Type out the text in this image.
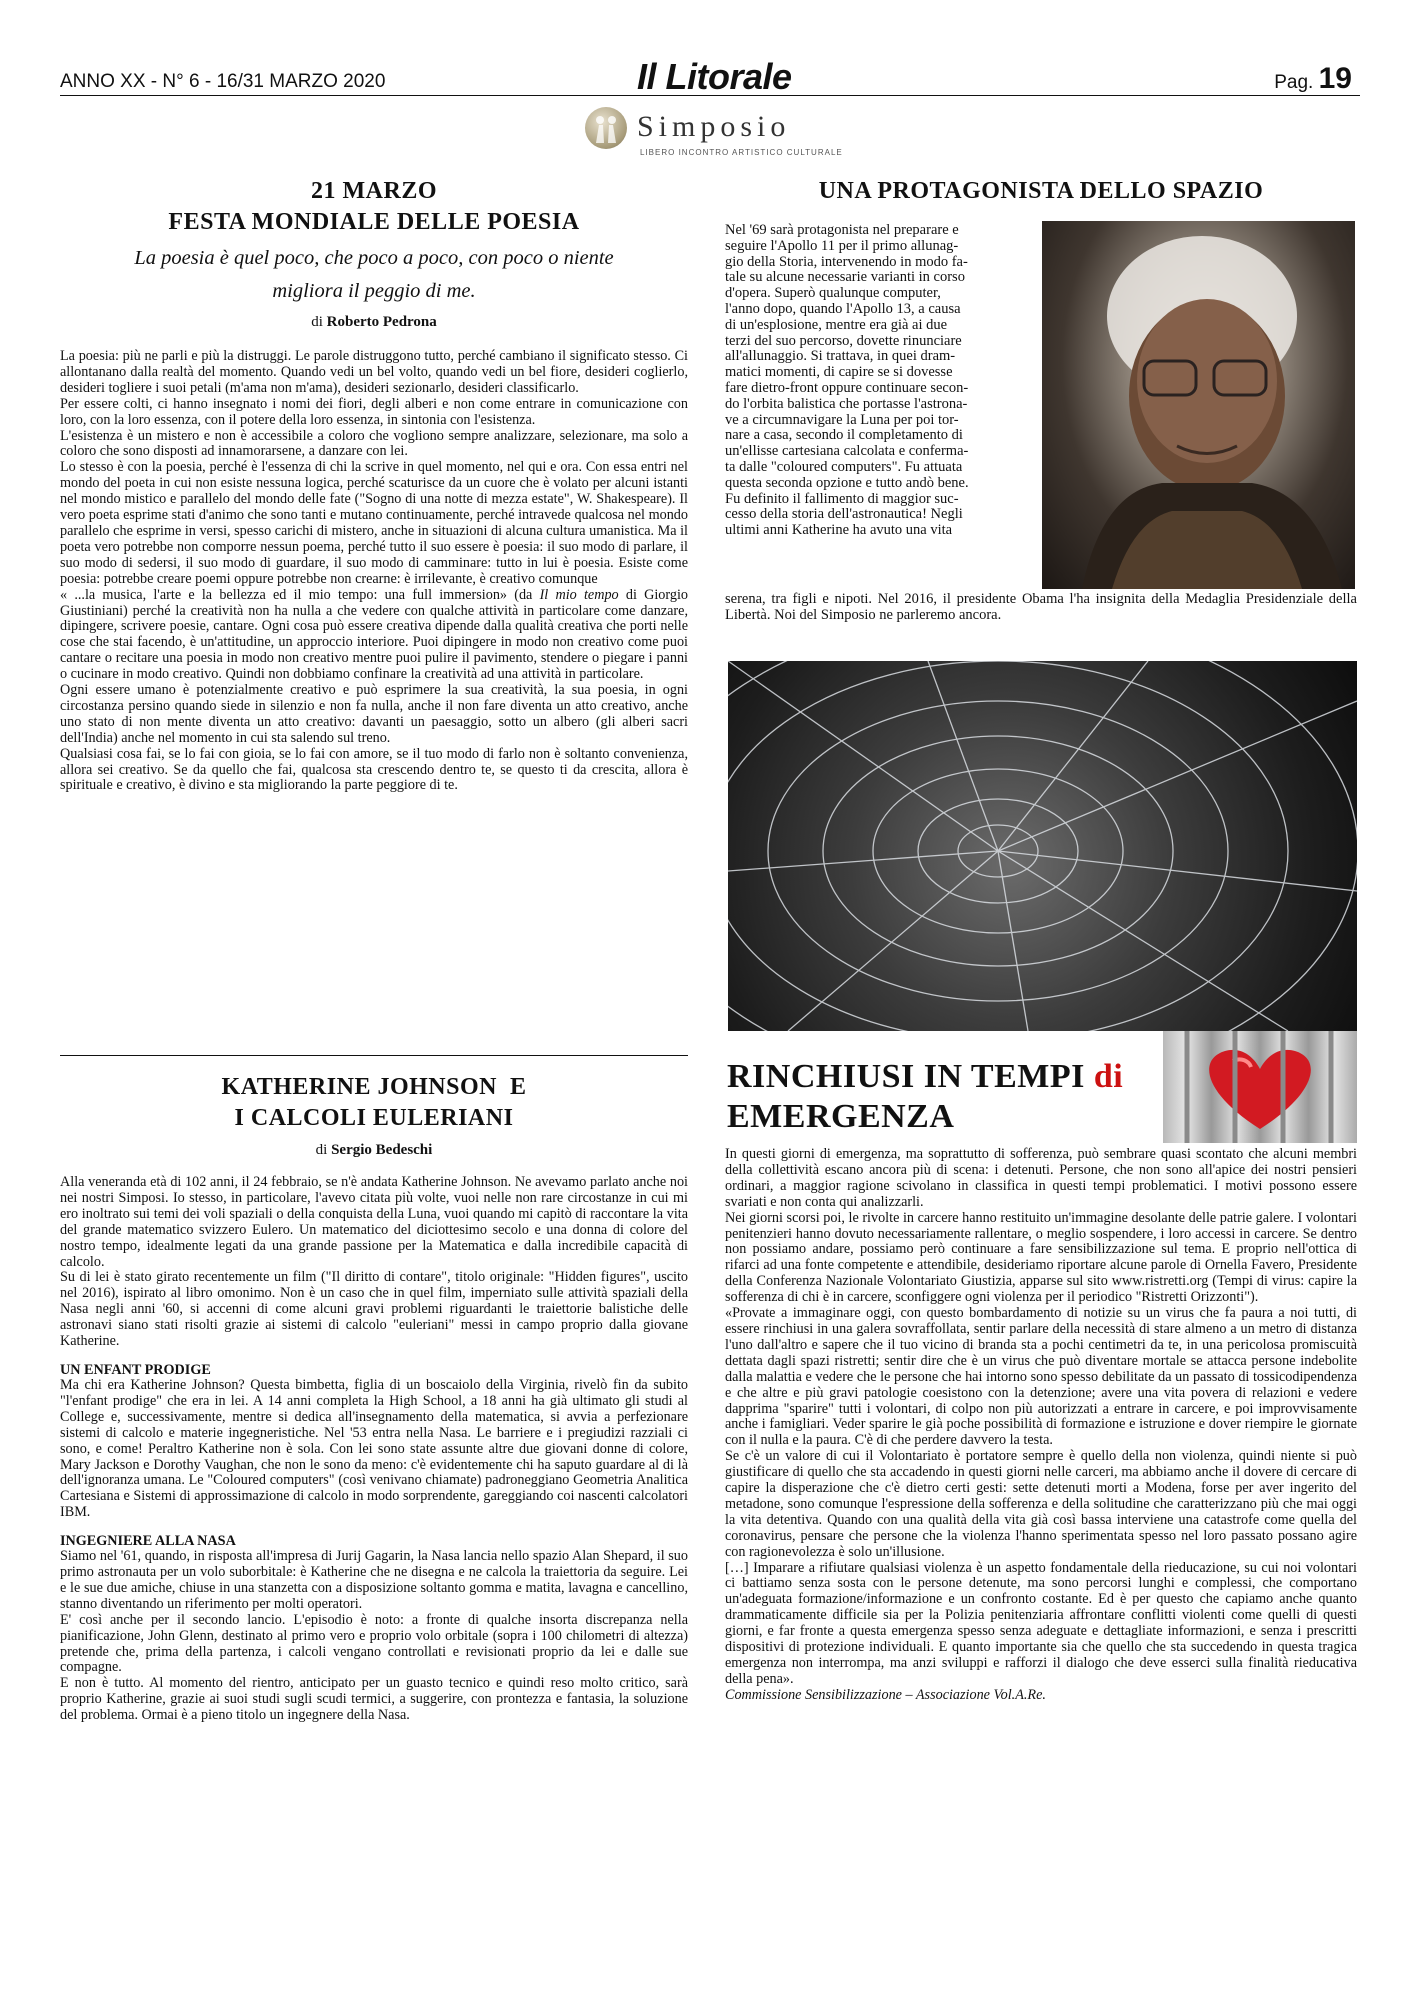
ANNO XX - N° 6 - 16/31 MARZO 2020	Il Litorale	Pag. 19
Simposio
LIBERO INCONTRO ARTISTICO CULTURALE
21 MARZO
FESTA MONDIALE DELLE POESIA
La poesia è quel poco, che poco a poco, con poco o niente
migliora il peggio di me.
di Roberto Pedrona

La poesia: più ne parli e più la distruggi. Le parole distruggono tutto, perché cambiano il significato stesso. Ci allontanano dalla realtà del momento. Quando vedi un bel volto, quando vedi un bel fiore, desideri coglierlo, desideri togliere i suoi petali (m'ama non m'ama), desideri sezionarlo, desideri classificarlo.

Per essere colti, ci hanno insegnato i nomi dei fiori, degli alberi e non come entrare in comunicazione con loro, con la loro essenza, con il potere della loro essenza, in sintonia con l'esistenza.

L'esistenza è un mistero e non è accessibile a coloro che vogliono sempre analizzare, selezionare, ma solo a coloro che sono disposti ad innamorarsene, a danzare con lei.

Lo stesso è con la poesia, perché è l'essenza di chi la scrive in quel momento, nel qui e ora. Con essa entri nel mondo del poeta in cui non esiste nessuna logica, perché scaturisce da un cuore che è volato per alcuni istanti nel mondo mistico e parallelo del mondo delle fate ("Sogno di una notte di mezza estate", W. Shakespeare). Il vero poeta esprime stati d'animo che sono tanti e mutano continuamente, perché intravede qualcosa nel mondo parallelo che esprime in versi, spesso carichi di mistero, anche in situazioni di alcuna cultura umanistica. Ma il poeta vero potrebbe non comporre nessun poema, perché tutto il suo essere è poesia: il suo modo di parlare, il suo modo di sedersi, il suo modo di guardare, il suo modo di camminare: tutto in lui è poesia. Esiste come poesia: potrebbe creare poemi oppure potrebbe non crearne: è irrilevante, è creativo comunque

« ...la musica, l'arte e la bellezza ed il mio tempo: una full immersion» (da Il mio tempo di Giorgio Giustiniani) perché la creatività non ha nulla a che vedere con qualche attività in particolare come danzare, dipingere, scrivere poesie, cantare. Ogni cosa può essere creativa dipende dalla qualità creativa che porti nelle cose che stai facendo, è un'attitudine, un approccio interiore. Puoi dipingere in modo non creativo come puoi cantare o recitare una poesia in modo non creativo mentre puoi pulire il pavimento, stendere o piegare i panni o cucinare in modo creativo. Quindi non dobbiamo confinare la creatività ad una attività in particolare.

Ogni essere umano è potenzialmente creativo e può esprimere la sua creatività, la sua poesia, in ogni circostanza persino quando siede in silenzio e non fa nulla, anche il non fare diventa un atto creativo, anche uno stato di non mente diventa un atto creativo: davanti un paesaggio, sotto un albero (gli alberi sacri dell'India) anche nel momento in cui sta salendo sul treno.

Qualsiasi cosa fai, se lo fai con gioia, se lo fai con amore, se il tuo modo di farlo non è soltanto convenienza, allora sei creativo. Se da quello che fai, qualcosa sta crescendo dentro te, se questo ti da crescita, allora è spirituale e creativo, è divino e sta migliorando la parte peggiore di te.

KATHERINE JOHNSON  E
I CALCOLI EULERIANI
di Sergio Bedeschi

Alla veneranda età di 102 anni, il 24 febbraio, se n'è andata Katherine Johnson. Ne avevamo parlato anche noi nei nostri Simposi. Io stesso, in particolare, l'avevo citata più volte, vuoi nelle non rare circostanze in cui mi ero inoltrato sui temi dei voli spaziali o della conquista della Luna, vuoi quando mi capitò di raccontare la vita del grande matematico svizzero Eulero. Un matematico del diciottesimo secolo e una donna di colore del nostro tempo, idealmente legati da una grande passione per la Matematica e dalla incredibile capacità di calcolo.

Su di lei è stato girato recentemente un film ("Il diritto di contare", titolo originale: "Hidden figures", uscito nel 2016), ispirato al libro omonimo. Non è un caso che in quel film, imperniato sulle attività spaziali della Nasa negli anni '60, si accenni di come alcuni gravi problemi riguardanti le traiettorie balistiche delle astronavi siano stati risolti grazie ai sistemi di calcolo "euleriani" messi in campo proprio dalla giovane Katherine.

UN ENFANT PRODIGE

Ma chi era Katherine Johnson? Questa bimbetta, figlia di un boscaiolo della Virginia, rivelò fin da subito "l'enfant prodige" che era in lei. A 14 anni completa la High School, a 18 anni ha già ultimato gli studi al College e, successivamente, mentre si dedica all'insegnamento della matematica, si avvia a perfezionare sistemi di calcolo e materie ingegneristiche. Nel '53 entra nella Nasa. Le barriere e i pregiudizi razziali ci sono, e come! Peraltro Katherine non è sola. Con lei sono state assunte altre due giovani donne di colore, Mary Jackson e Dorothy Vaughan, che non le sono da meno: c'è evidentemente chi ha saputo guardare al di là dell'ignoranza umana. Le "Coloured computers" (così venivano chiamate) padroneggiano Geometria Analitica Cartesiana e Sistemi di approssimazione di calcolo in modo sorprendente, gareggiando coi nascenti calcolatori IBM.

INGEGNIERE ALLA NASA

Siamo nel '61, quando, in risposta all'impresa di Jurij Gagarin, la Nasa lancia nello spazio Alan Shepard, il suo primo astronauta per un volo suborbitale: è Katherine che ne disegna e ne calcola la traiettoria da seguire. Lei e le sue due amiche, chiuse in una stanzetta con a disposizione soltanto gomma e matita, lavagna e cancellino, stanno diventando un riferimento per molti operatori.

E' così anche per il secondo lancio. L'episodio è noto: a fronte di qualche insorta discrepanza nella pianificazione, John Glenn, destinato al primo vero e proprio volo orbitale (sopra i 100 chilometri di altezza) pretende che, prima della partenza, i calcoli vengano controllati e revisionati proprio da lei e dalle sue compagne.

E non è tutto. Al momento del rientro, anticipato per un guasto tecnico e quindi reso molto critico, sarà proprio Katherine, grazie ai suoi studi sugli scudi termici, a suggerire, con prontezza e fantasia, la soluzione del problema. Ormai è a pieno titolo un ingegnere della Nasa.

UNA PROTAGONISTA DELLO SPAZIO
Nel '69 sarà protagonista nel preparare e
seguire l'Apollo 11 per il primo allunag-
gio della Storia, intervenendo in modo fa-
tale su alcune necessarie varianti in corso
d'opera. Superò qualunque computer,
l'anno dopo, quando l'Apollo 13, a causa
di un'esplosione, mentre era già ai due
terzi del suo percorso, dovette rinunciare
all'allunaggio. Si trattava, in quei dram-
matici momenti, di capire se si dovesse
fare dietro-front oppure continuare secon-
do l'orbita balistica che portasse l'astrona-
ve a circumnavigare la Luna per poi tor-
nare a casa, secondo il completamento di
un'ellisse cartesiana calcolata e conferma-
ta dalle "coloured computers". Fu attuata
questa seconda opzione e tutto andò bene.
Fu definito il fallimento di maggior suc-
cesso della storia dell'astronautica! Negli
ultimi anni Katherine ha avuto una vita
serena, tra figli e nipoti. Nel 2016, il presidente Obama l'ha insignita della Medaglia Presidenziale della Libertà. Noi del Simposio ne parleremo ancora.
RINCHIUSI IN TEMPI di
EMERGENZA

In questi giorni di emergenza, ma soprattutto di sofferenza, può sembrare quasi scontato che alcuni membri della collettività escano ancora più di scena: i detenuti. Persone, che non sono all'apice dei nostri pensieri ordinari, a maggior ragione scivolano in classifica in questi tempi problematici. I motivi possono essere svariati e non conta qui analizzarli.

Nei giorni scorsi poi, le rivolte in carcere hanno restituito un'immagine desolante delle patrie galere. I volontari penitenzieri hanno dovuto necessariamente rallentare, o meglio sospendere, i loro accessi in carcere. Se dentro non possiamo andare, possiamo però continuare a fare sensibilizzazione sul tema. E proprio nell'ottica di rifarci ad una fonte competente e attendibile, desideriamo riportare alcune parole di Ornella Favero, Presidente della Conferenza Nazionale Volontariato Giustizia, apparse sul sito www.ristretti.org (Tempi di virus: capire la sofferenza di chi è in carcere, sconfiggere ogni violenza per il periodico "Ristretti Orizzonti").

«Provate a immaginare oggi, con questo bombardamento di notizie su un virus che fa paura a noi tutti, di essere rinchiusi in una galera sovraffollata, sentir parlare della necessità di stare almeno a un metro di distanza l'uno dall'altro e sapere che il tuo vicino di branda sta a pochi centimetri da te, in una pericolosa promiscuità dettata dagli spazi ristretti; sentir dire che è un virus che può diventare mortale se attacca persone indebolite dalla malattia e vedere che le persone che hai intorno sono spesso debilitate da un passato di tossicodipendenza e che altre e più gravi patologie coesistono con la detenzione; avere una vita povera di relazioni e vedere dapprima "sparire" tutti i volontari, di colpo non più autorizzati a entrare in carcere, e poi improvvisamente anche i famigliari. Veder sparire le già poche possibilità di formazione e istruzione e dover riempire le giornate con il nulla e la paura. C'è di che perdere davvero la testa.

Se c'è un valore di cui il Volontariato è portatore sempre è quello della non violenza, quindi niente si può giustificare di quello che sta accadendo in questi giorni nelle carceri, ma abbiamo anche il dovere di cercare di capire la disperazione che c'è dietro certi gesti: sette detenuti morti a Modena, forse per aver ingerito del metadone, sono comunque l'espressione della sofferenza e della solitudine che caratterizzano più che mai oggi la vita detentiva. Quando con una qualità della vita già così bassa interviene una catastrofe come quella del coronavirus, pensare che persone che la violenza l'hanno sperimentata spesso nel loro passato possano agire con ragionevolezza è solo un'illusione.

[…] Imparare a rifiutare qualsiasi violenza è un aspetto fondamentale della rieducazione, su cui noi volontari ci battiamo senza sosta con le persone detenute, ma sono percorsi lunghi e complessi, che comportano un'adeguata formazione/informazione e un confronto costante. Ed è per questo che capiamo anche quanto drammaticamente difficile sia per la Polizia penitenziaria affrontare conflitti violenti come quelli di questi giorni, e far fronte a questa emergenza spesso senza adeguate e dettagliate informazioni, e senza i prescritti dispositivi di protezione individuali. E quanto importante sia che quello che sta succedendo in questa tragica emergenza non interrompa, ma anzi sviluppi e rafforzi il dialogo che deve esserci sulla finalità rieducativa della pena».

Commissione Sensibilizzazione – Associazione Vol.A.Re.
